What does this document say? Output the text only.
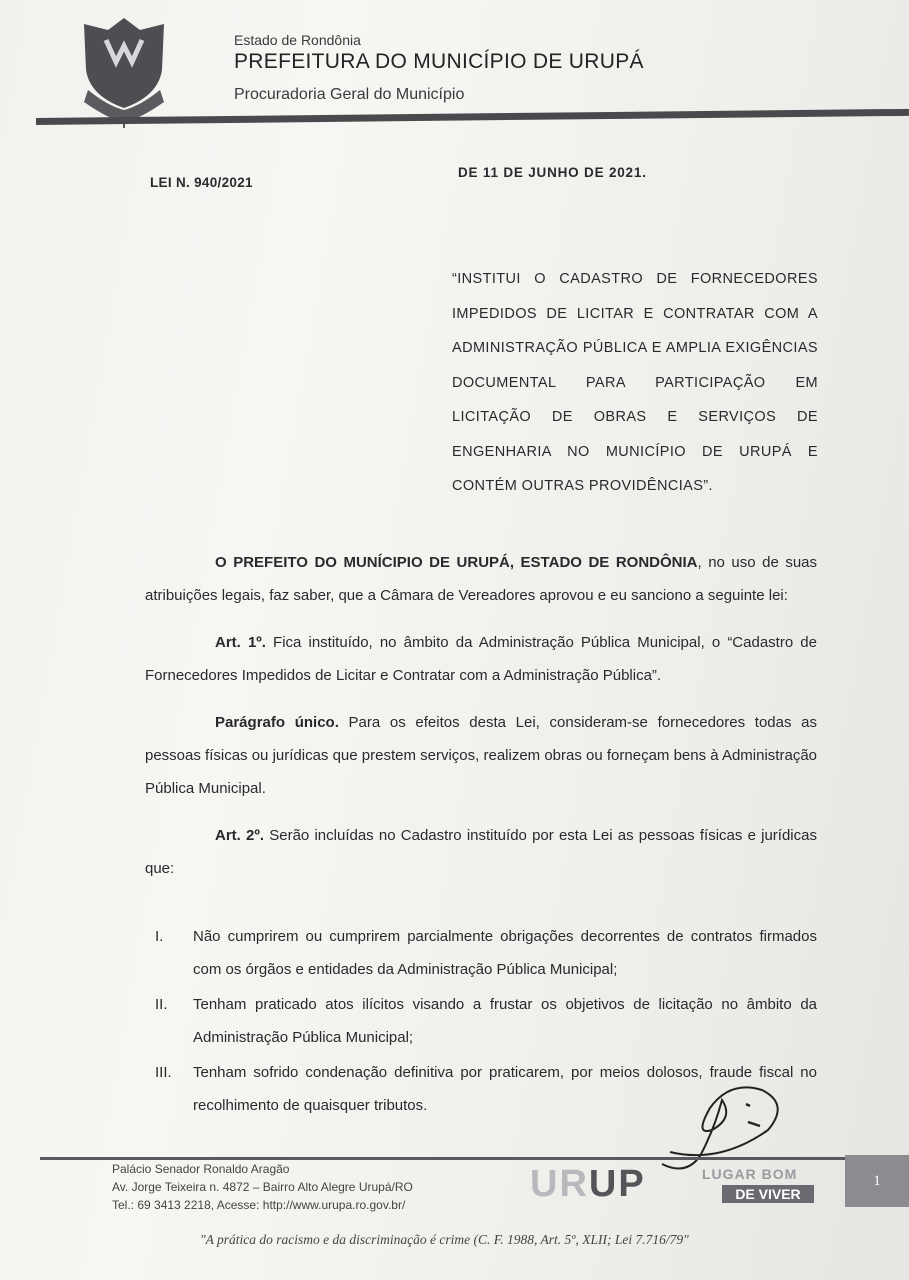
Estado de Rondônia
PREFEITURA DO MUNICÍPIO DE URUPÁ
Procuradoria Geral do Município
LEI N. 940/2021
DE 11 DE JUNHO DE 2021.
“INSTITUI O CADASTRO DE FORNECEDORES IMPEDIDOS DE LICITAR E CONTRATAR COM A ADMINISTRAÇÃO PÚBLICA E AMPLIA EXIGÊNCIAS DOCUMENTAL PARA PARTICIPAÇÃO EM LICITAÇÃO DE OBRAS E SERVIÇOS DE ENGENHARIA NO MUNICÍPIO DE URUPÁ E CONTÉM OUTRAS PROVIDÊNCIAS”.

O PREFEITO DO MUNÍCIPIO DE URUPÁ, ESTADO DE RONDÔNIA, no uso de suas atribuições legais, faz saber, que a Câmara de Vereadores aprovou e eu sanciono a seguinte lei:

Art. 1º. Fica instituído, no âmbito da Administração Pública Municipal, o “Cadastro de Fornecedores Impedidos de Licitar e Contratar com a Administração Pública”.

Parágrafo único. Para os efeitos desta Lei, consideram-se fornecedores todas as pessoas físicas ou jurídicas que prestem serviços, realizem obras ou forneçam bens à Administração Pública Municipal.

Art. 2º. Serão incluídas no Cadastro instituído por esta Lei as pessoas físicas e jurídicas que:

I.	Não cumprirem ou cumprirem parcialmente obrigações decorrentes de contratos firmados com os órgãos e entidades da Administração Pública Municipal;
II.	Tenham praticado atos ilícitos visando a frustar os objetivos de licitação no âmbito da Administração Pública Municipal;
III.	Tenham sofrido condenação definitiva por praticarem, por meios dolosos, fraude fiscal no recolhimento de quaisquer tributos.
Palácio Senador Ronaldo Aragão
Av. Jorge Teixeira n. 4872 – Bairro Alto Alegre Urupá/RO
Tel.: 69 3413 2218, Acesse: http://www.urupa.ro.gov.br/	URUP	LUGAR BOM
DE VIVER
1
"A prática do racismo e da discriminação é crime (C. F. 1988, Art. 5º, XLII; Lei 7.716/79"
